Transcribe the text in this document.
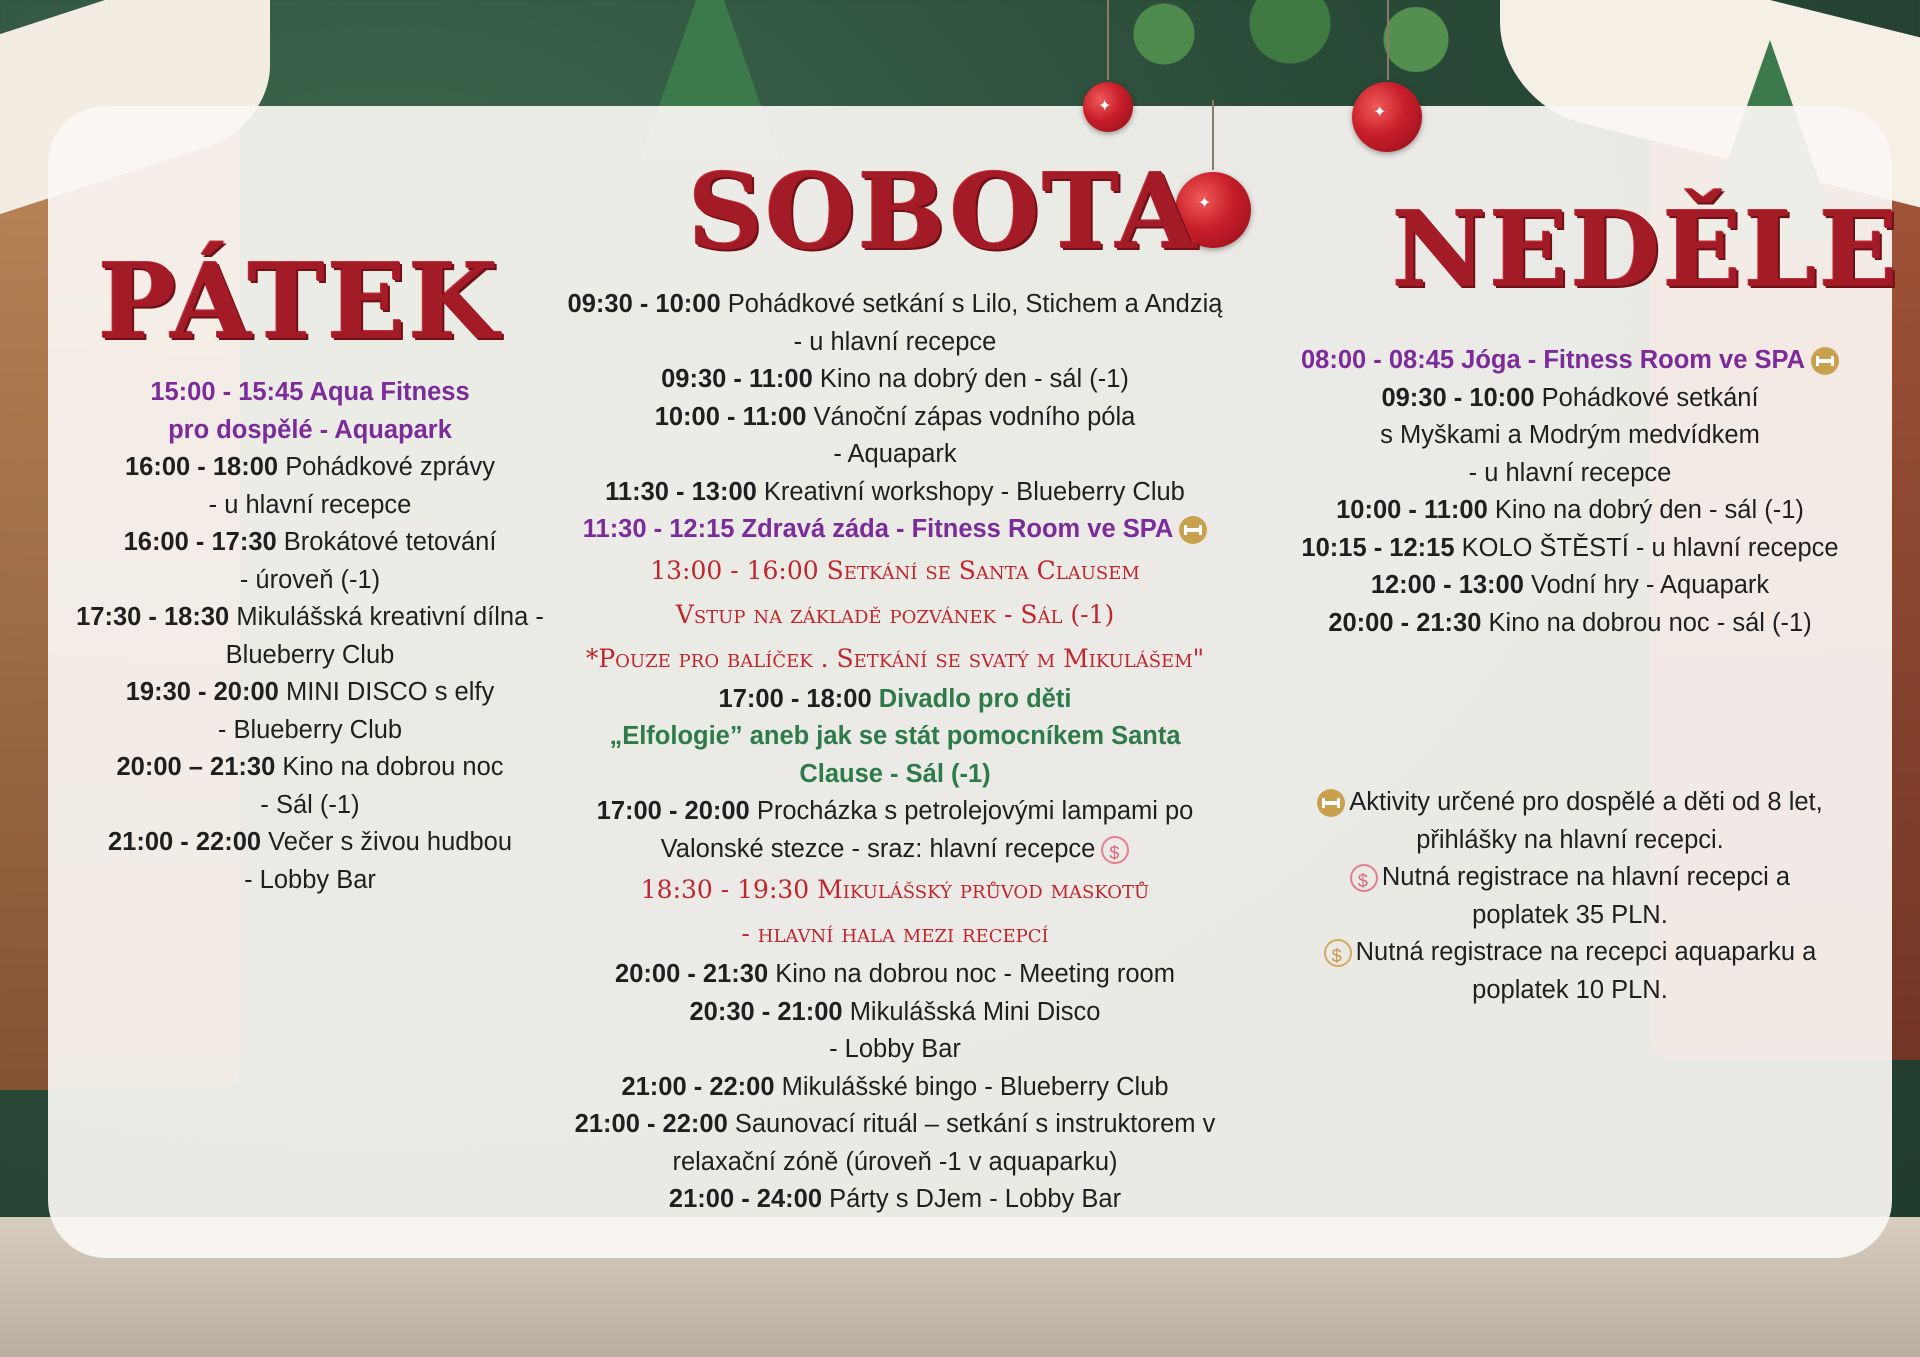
✦
✦
✦
PÁTEK
SOBOTA NEDĚLE
15:00 - 15:45 Aqua Fitness
pro dospělé - Aquapark
16:00 - 18:00 Pohádkové zprávy
- u hlavní recepce
16:00 - 17:30 Brokátové tetování
- úroveň (-1)
17:30 - 18:30 Mikulášská kreativní dílna -
Blueberry Club
19:30 - 20:00 MINI DISCO s elfy
- Blueberry Club
20:00 – 21:30 Kino na dobrou noc
- Sál (-1)
21:00 - 22:00 Večer s živou hudbou
- Lobby Bar
09:30 - 10:00 Pohádkové setkání s Lilo, Stichem a Andzią
- u hlavní recepce
09:30 - 11:00 Kino na dobrý den - sál (-1)
10:00 - 11:00 Vánoční zápas vodního póla
- Aquapark
11:30 - 13:00 Kreativní workshopy - Blueberry Club
11:30 - 12:15 Zdravá záda - Fitness Room ve SPA
13:00 - 16:00 Setkání se Santa Clausem
Vstup na základě pozvánek - Sál (-1)
*Pouze pro balíček . Setkání se svatý m Mikulášem"
17:00 - 18:00 Divadlo pro děti
„Elfologie” aneb jak se stát pomocníkem Santa
Clause - Sál (-1)
17:00 - 20:00 Procházka s petrolejovými lampami po
Valonské stezce - sraz: hlavní recepce$
18:30 - 19:30 Mikulášský průvod maskotů
- hlavní hala mezi recepcí
20:00 - 21:30 Kino na dobrou noc - Meeting room
20:30 - 21:00 Mikulášská Mini Disco
- Lobby Bar
21:00 - 22:00 Mikulášské bingo - Blueberry Club
21:00 - 22:00 Saunovací rituál – setkání s instruktorem v
relaxační zóně (úroveň -1 v aquaparku)
21:00 - 24:00 Párty s DJem - Lobby Bar
08:00 - 08:45 Jóga - Fitness Room ve SPA
09:30 - 10:00 Pohádkové setkání
s Myškami a Modrým medvídkem
- u hlavní recepce
10:00 - 11:00 Kino na dobrý den - sál (-1)
10:15 - 12:15 KOLO ŠTĚSTÍ - u hlavní recepce
12:00 - 13:00 Vodní hry - Aquapark
20:00 - 21:30 Kino na dobrou noc - sál (-1)
Aktivity určené pro dospělé a děti od 8 let,
přihlášky na hlavní recepci.
$Nutná registrace na hlavní recepci a
poplatek 35 PLN.
$Nutná registrace na recepci aquaparku a
poplatek 10 PLN.
